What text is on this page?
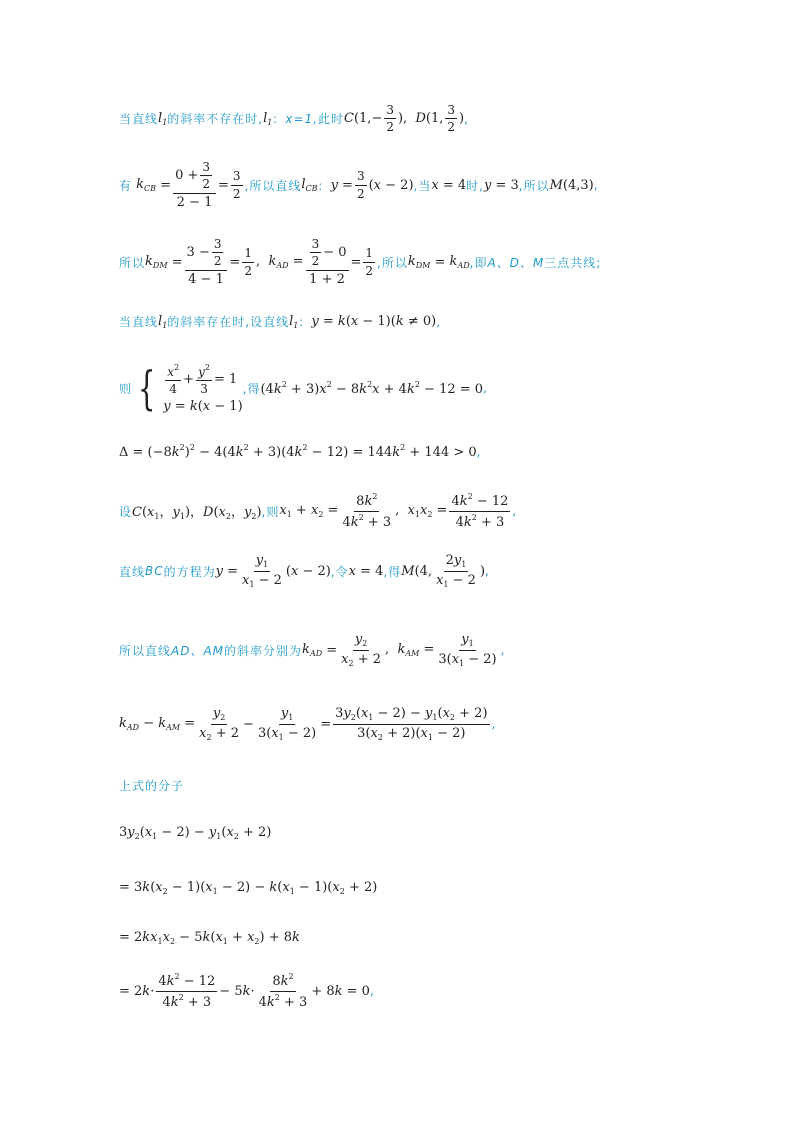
当直线 $l_1$ 的斜率不存在时, $l_1$ ： x=1, 此时 $C(1,- \frac{3}{2}$ ),  D(1, $\frac{3}{2}$ ) ,
有 $k_{CB} = \frac{0 + \frac{3}{2}}{2 - 1} = \frac{3}{2}$ ,所以直线 $l_{CB}$ ： $y = \frac{3}{2} (x - 2)$ ,当 x = 4 时, y = 3 ,所以 M(4,3) ,
所以 $k_{DM} = \frac{3 - \frac{3}{2}}{4 - 1} = \frac{1}{2}$ ,  $k_{AD} = \frac{\frac{3}{2} - 0}{1 + 2} = \frac{1}{2}$ ,所以 $k_{DM} = k_{AD}$ ,即 A、D、M 三点共线;
当直线 $l_1$ 的斜率存在时,设直线 $l_1$ ： y = k(x − 1)(k ≠ 0) ,
则 { $\frac{x^2}{4} + \frac{y^2}{3} = 1$
y = k(x − 1)
,得 $(4k^2 + 3)x^2 - 8k^2x + 4k^2 - 12 = 0$ ,
$\Delta = (-8k^2)^2 - 4(4k^2 + 3)(4k^2 - 12) = 144k^2 + 144 > 0$ ,
设 $C(x_1$，$y_1$)，$D(x_2$，$y_2$) ,则 $x_1 + x_2 = \frac{8k^2}{4k^2 + 3}$ ,  $x_1x_2 = \frac{4k^2 - 12}{4k^2 + 3}$ ,
直线 BC 的方程为 $y = \frac{y_1}{x_1 - 2} (x - 2)$ ,令 x = 4 ,得 M(4, $\frac{2y_1}{x_1 - 2}$ ) ,
所以直线 AD、AM 的斜率分别为 $k_{AD} = \frac{y_2}{x_2 + 2}$ ,  $k_{AM} = \frac{y_1}{3(x_1 - 2)}$ ,
$k_{AD} - k_{AM} = \frac{y_2}{x_2 + 2} - \frac{y_1}{3(x_1 - 2)} = \frac{3y_2(x_1 - 2) - y_1(x_2 + 2)}{3(x_2 + 2)(x_1 - 2)}$ ,
上式的分子
$3y_2(x_1 - 2) - y_1(x_2 + 2)$
= $3k(x_2 - 1)(x_1 - 2) - k(x_1 - 1)(x_2 + 2)$
= $2kx_1x_2 - 5k(x_1 + x_2) + 8k$
= $2k\cdot \frac{4k^2 - 12}{4k^2 + 3} - 5k\cdot \frac{8k^2}{4k^2 + 3} + 8k = 0$ ,
